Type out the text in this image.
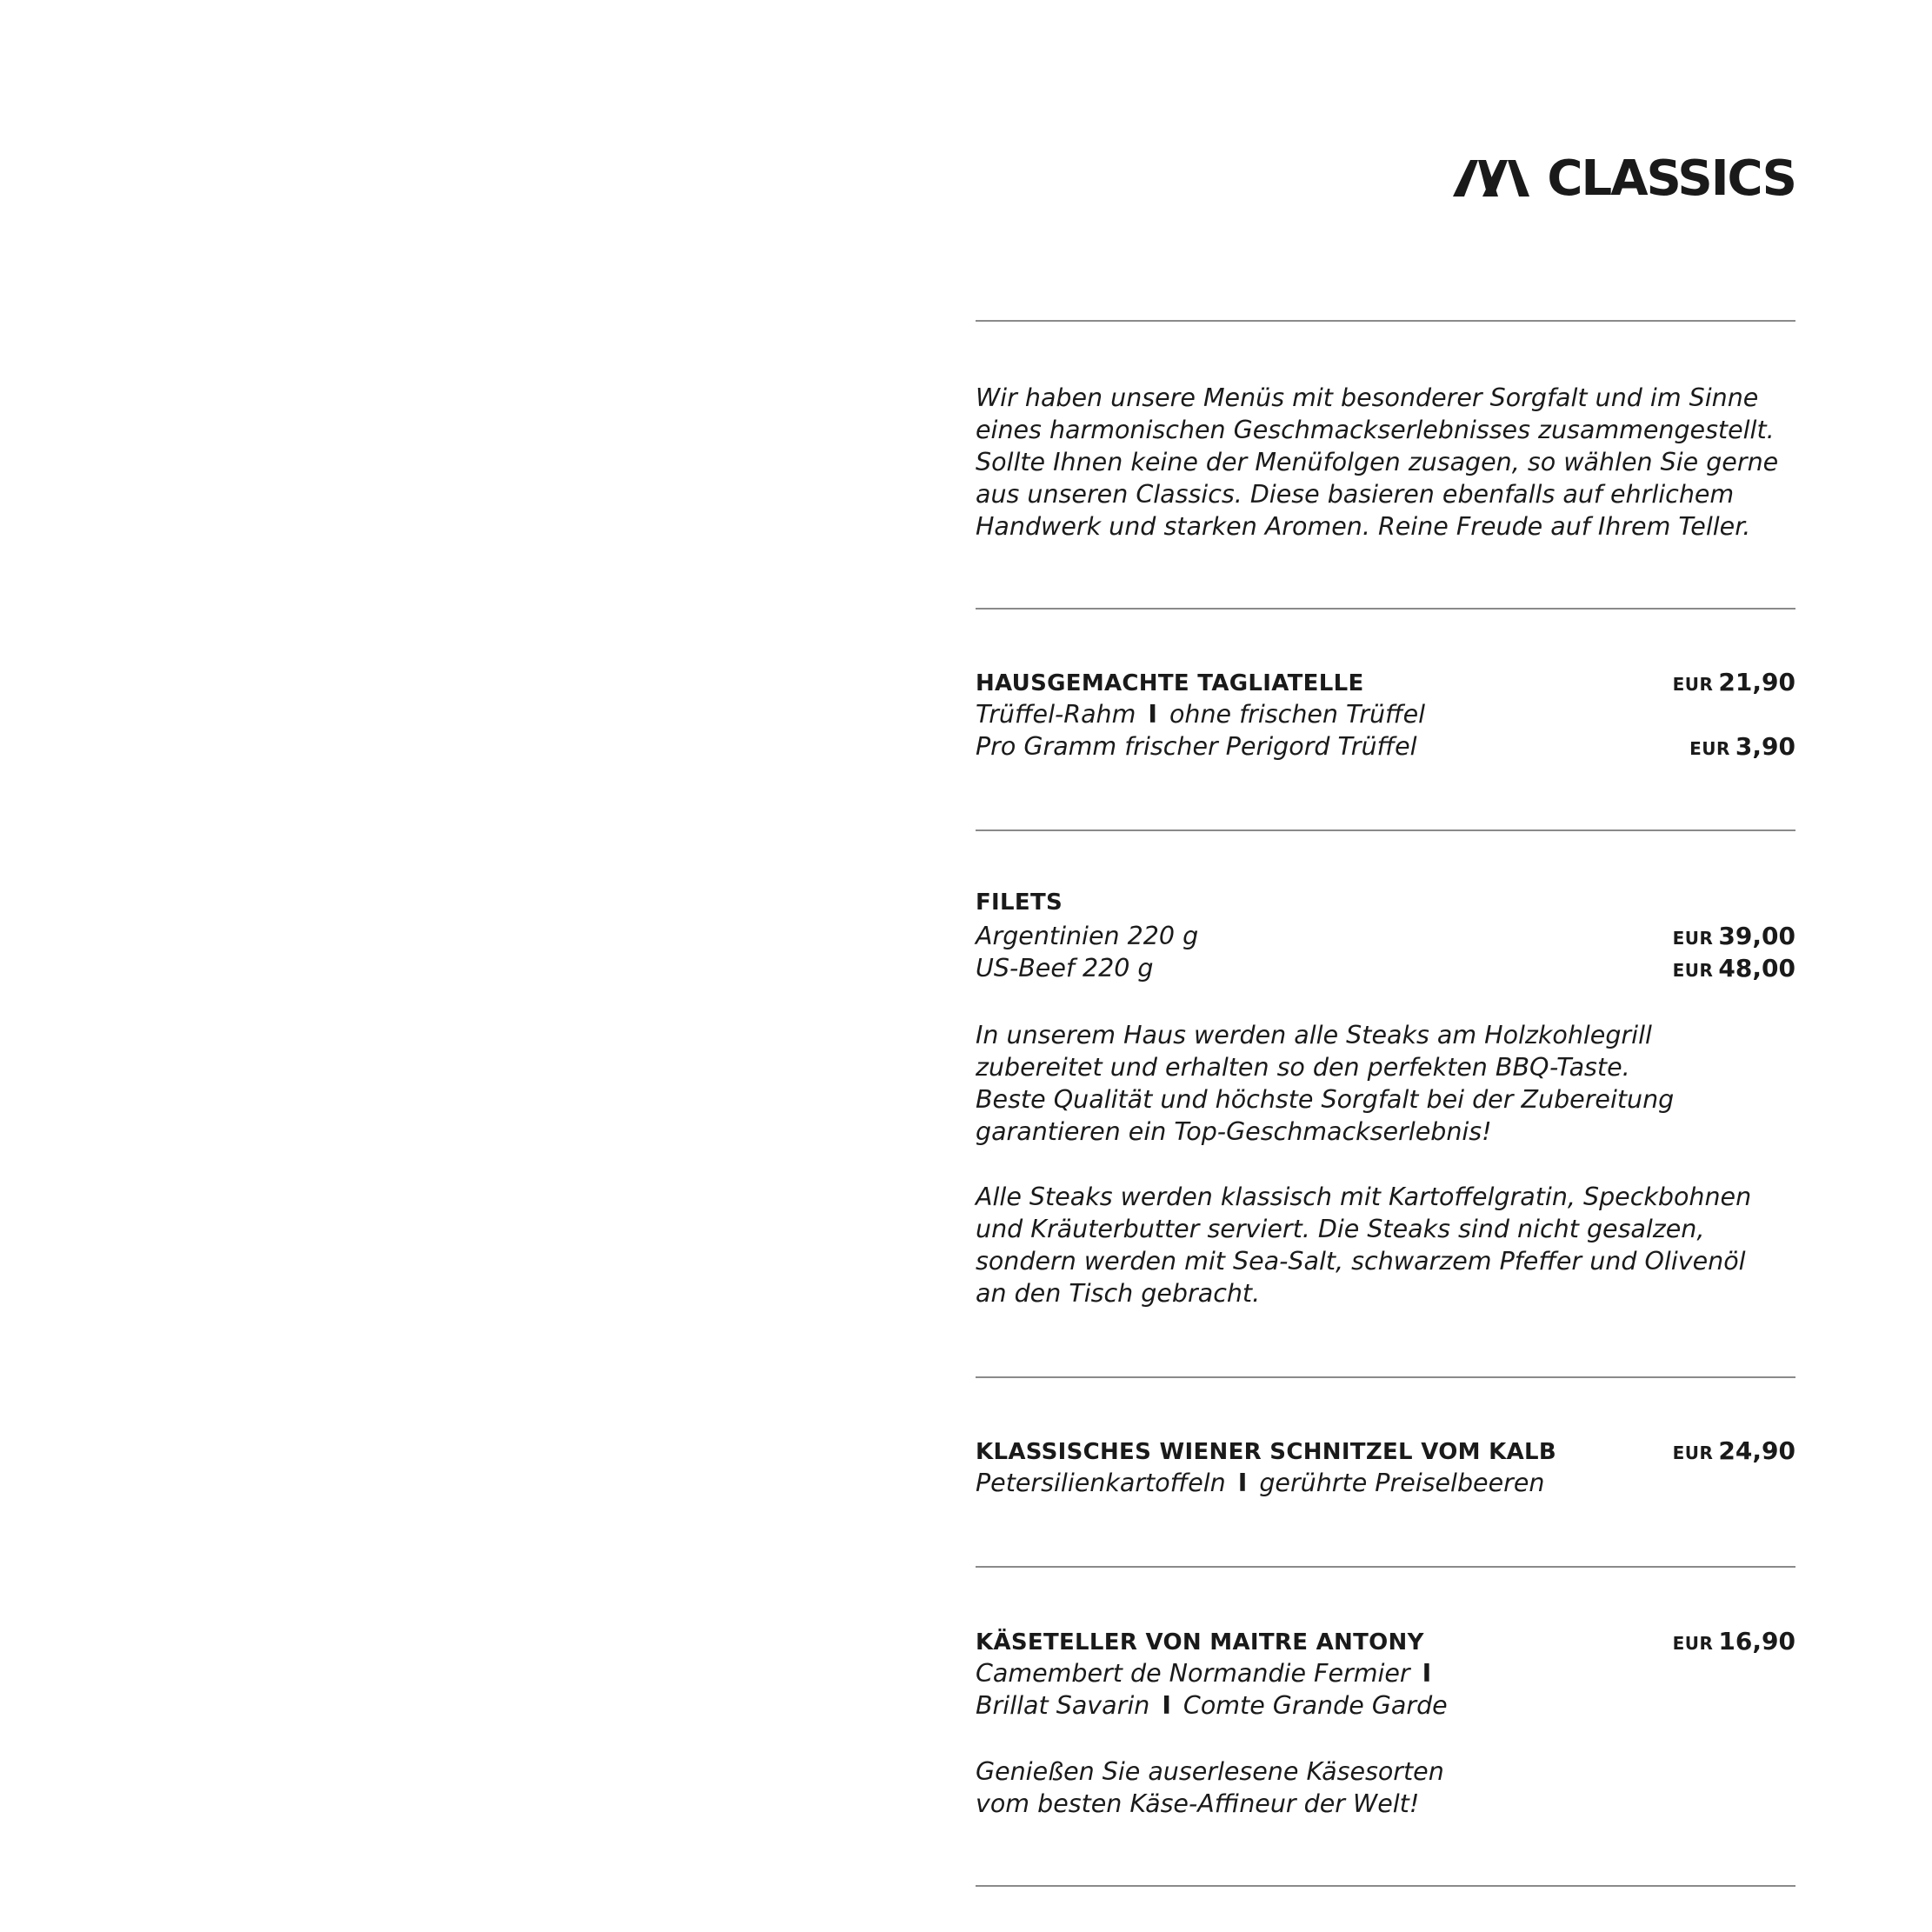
CLASSICS

Wir haben unsere Menüs mit besonderer Sorgfalt und im Sinne

eines harmonischen Geschmackserlebnisses zusammengestellt.

Sollte Ihnen keine der Menüfolgen zusagen, so wählen Sie gerne

aus unseren Classics. Diese basieren ebenfalls auf ehrlichem

Handwerk und starken Aromen. Reine Freude auf Ihrem Teller.

HAUSGEMACHTE TAGLIATELLE	EUR 21,90
Trüffel-Rahm I ohne frischen Trüffel
Pro Gramm frischer Perigord Trüffel	EUR 3,90
FILETS
Argentinien 220 g	EUR 39,00
US-Beef 220 g	EUR 48,00

In unserem Haus werden alle Steaks am Holzkohlegrill

zubereitet und erhalten so den perfekten BBQ-Taste.

Beste Qualität und höchste Sorgfalt bei der Zubereitung

garantieren ein Top-Geschmackserlebnis!

Alle Steaks werden klassisch mit Kartoffelgratin, Speckbohnen

und Kräuterbutter serviert. Die Steaks sind nicht gesalzen,

sondern werden mit Sea-Salt, schwarzem Pfeffer und Olivenöl

an den Tisch gebracht.

KLASSISCHES WIENER SCHNITZEL VOM KALB	EUR 24,90
Petersilienkartoffeln I gerührte Preiselbeeren
KÄSETELLER VON MAITRE ANTONY	EUR 16,90
Camembert de Normandie Fermier I
Brillat Savarin I Comte Grande Garde

Genießen Sie auserlesene Käsesorten

vom besten Käse-Affineur der Welt!
